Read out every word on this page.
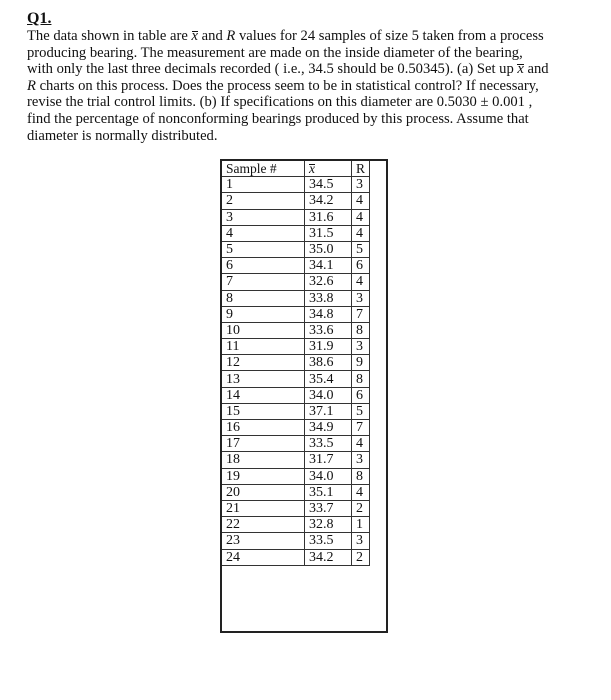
Q1.

The data shown in table are x and R values for 24 samples of size 5 taken from a process
producing bearing. The measurement are made on the inside diameter of the bearing,
with only the last three decimals recorded ( i.e., 34.5 should be 0.50345). (a) Set up x and
R charts on this process. Does the process seem to be in statistical control? If necessary,
revise the trial control limits. (b) If specifications on this diameter are 0.5030 ± 0.001 ,
find the percentage of nonconforming bearings produced by this process. Assume that
diameter is normally distributed.

Sample #	x	R
1	34.5	3
2	34.2	4
3	31.6	4
4	31.5	4
5	35.0	5
6	34.1	6
7	32.6	4
8	33.8	3
9	34.8	7
10	33.6	8
11	31.9	3
12	38.6	9
13	35.4	8
14	34.0	6
15	37.1	5
16	34.9	7
17	33.5	4
18	31.7	3
19	34.0	8
20	35.1	4
21	33.7	2
22	32.8	1
23	33.5	3
24	34.2	2
